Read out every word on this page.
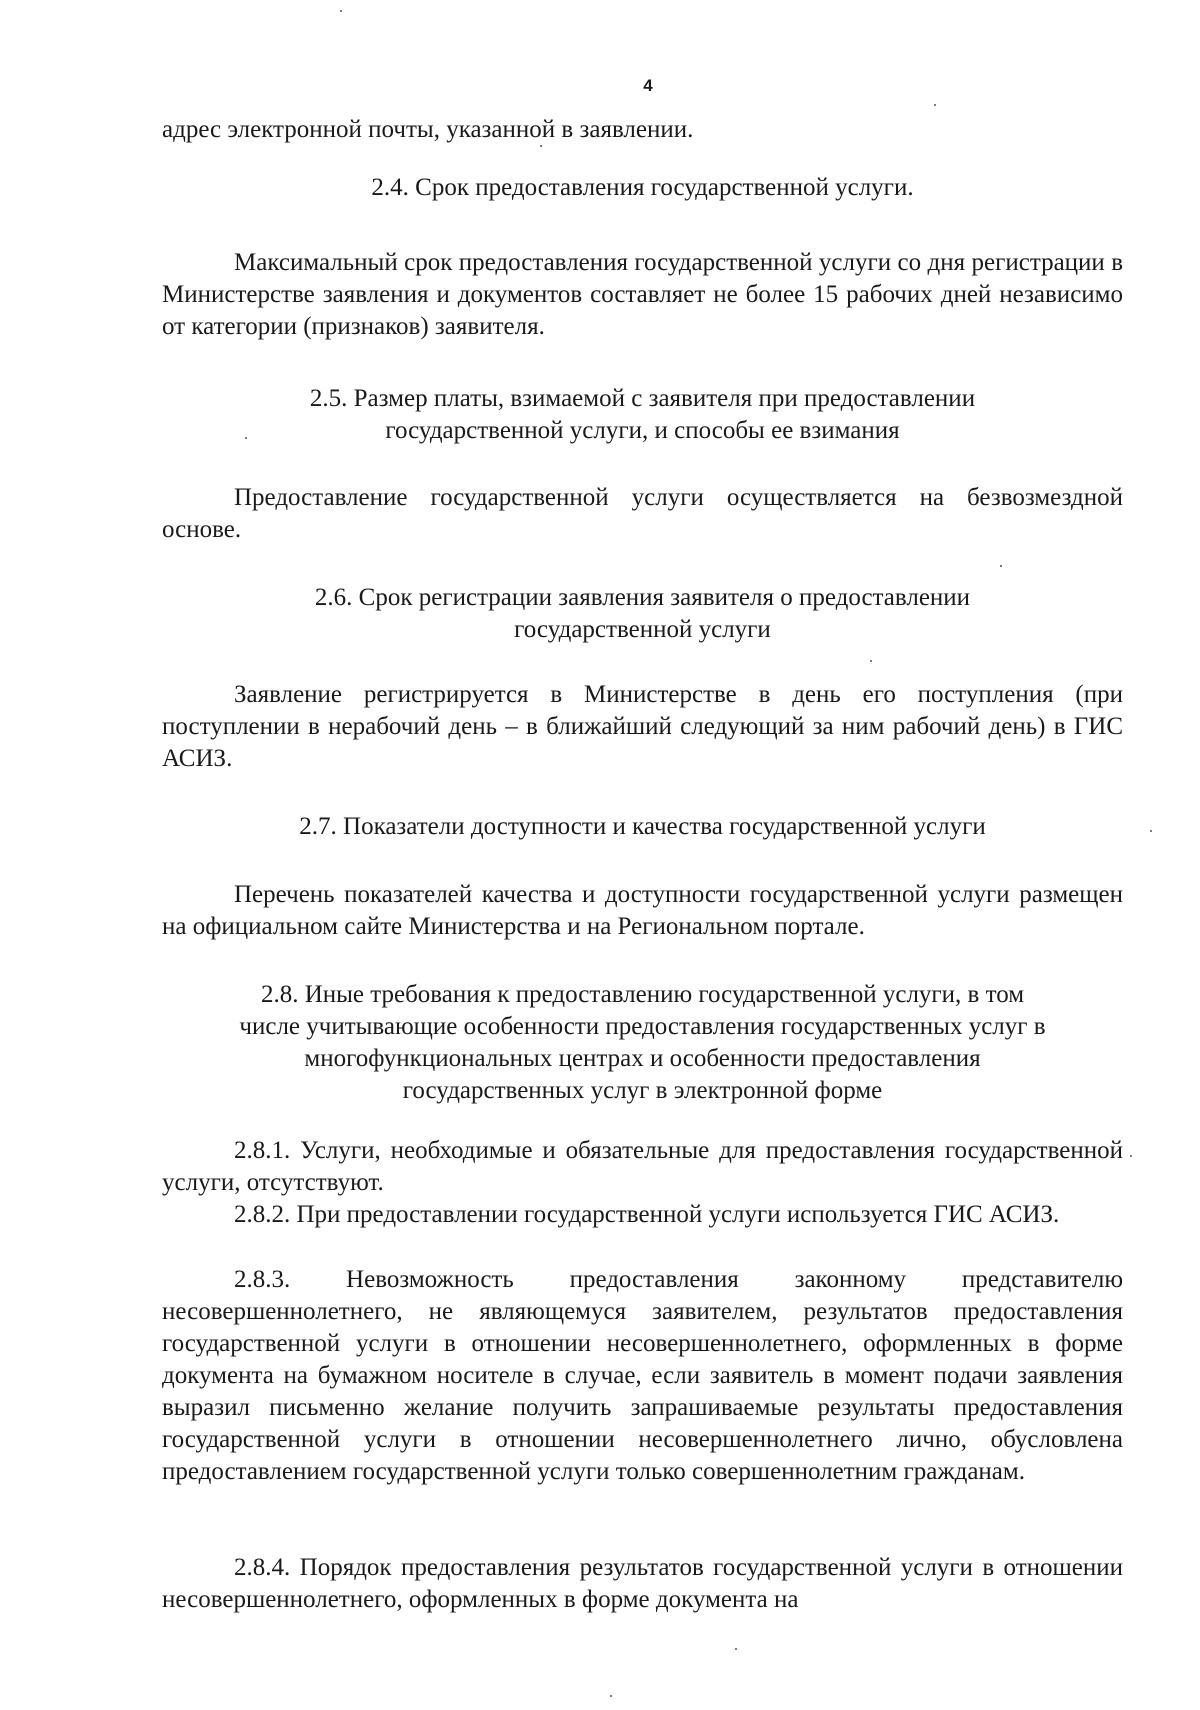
4
адрес электронной почты, указанной в заявлении.
2.4. Срок предоставления государственной услуги.
Максимальный срок предоставления государственной услуги со дня регистрации в Министерстве заявления и документов составляет не более 15 рабочих дней независимо от категории (признаков) заявителя.
2.5. Размер платы, взимаемой с заявителя при предоставлении
государственной услуги, и способы ее взимания
Предоставление государственной услуги осуществляется на безвозмездной основе.
2.6. Срок регистрации заявления заявителя о предоставлении
государственной услуги
Заявление регистрируется в Министерстве в день его поступления (при поступлении в нерабочий день – в ближайший следующий за ним рабочий день) в ГИС АСИЗ.
2.7. Показатели доступности и качества государственной услуги
Перечень показателей качества и доступности государственной услуги размещен на официальном сайте Министерства и на Региональном портале.
2.8. Иные требования к предоставлению государственной услуги, в том
числе учитывающие особенности предоставления государственных услуг в
многофункциональных центрах и особенности предоставления
государственных услуг в электронной форме
2.8.1. Услуги, необходимые и обязательные для предоставления государственной услуги, отсутствуют.
2.8.2. При предоставлении государственной услуги используется ГИС АСИЗ.
2.8.3. Невозможность предоставления законному представителю несовершеннолетнего, не являющемуся заявителем, результатов предоставления государственной услуги в отношении несовершеннолетнего, оформленных в форме документа на бумажном носителе в случае, если заявитель в момент подачи заявления выразил письменно желание получить запрашиваемые результаты предоставления государственной услуги в отношении несовершеннолетнего лично, обусловлена предоставлением государственной услуги только совершеннолетним гражданам.
2.8.4. Порядок предоставления результатов государственной услуги в отношении несовершеннолетнего, оформленных в форме документа на
